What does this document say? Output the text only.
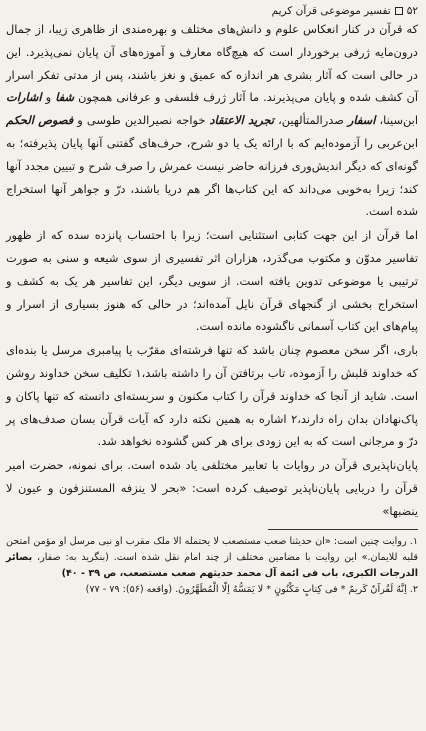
۵۲
تفسیر موضوعی قرآن کریم

که قرآن در کنار انعکاس علوم و دانش‌های مختلف و بهره‌مندی از ظاهری زیبا، از جمال درون‌مایه ژرفی برخوردار است که هیچ‌گاه معارف و آموزه‌های آن پایان نمی‌پذیرد. این در حالی است که آثار بشری هر اندازه که عمیق و نغز باشند، پس از مدتی تفکر اسرار آن کشف شده و پایان می‌پذیرند. ما آثار ژرف فلسفی و عرفانی همچون شفا و اشارات ابن‌سینا، اسفار صدرالمتألهین، تجرید الاعتقاد خواجه نصیرالدین طوسی و فصوص الحکم ابن‌عربی را آزموده‌ایم که با ارائه یک یا دو شرح، حرف‌های گفتنی آنها پایان پذیرفته؛ به گونه‌ای که دیگر اندیش‌وری فرزانه حاضر نیست عمرش را صرف شرح و تبیین مجدد آنها کند؛ زیرا به‌خوبی می‌داند که این کتاب‌ها اگر هم دریا باشند، درّ و جواهر آنها استخراج شده است.

اما قرآن از این جهت کتابی استثنایی است؛ زیرا با احتساب پانزده سده که از ظهور تفاسیر مدوّن و مکتوب می‌گذرد، هزاران اثر تفسیری از سوی شیعه و سنی به صورت ترتیبی یا موضوعی تدوین یافته است. از سویی دیگر، این تفاسیر هر یک به کشف و استخراج بخشی از گنجهای قرآن نایل آمده‌اند؛ در حالی که هنوز بسیاری از اسرار و پیام‌های این کتاب آسمانی ناگشوده مانده است.

باری، اگر سخن معصوم چنان باشد که تنها فرشته‌ای مقرّب یا پیامبری مرسل یا بنده‌ای که خداوند قلبش را آزموده، تاب برتافتن آن را داشته باشد،۱ تکلیف سخن خداوند روشن است. شاید از آنجا که خداوند قرآن را کتاب مکنون و سربسته‌ای دانسته که تنها پاکان و پاک‌نهادان بدان راه دارند،۲ اشاره به همین نکته دارد که آیات قرآن بسان صدف‌های پر درّ و مرجانی است که به این زودی برای هر کس گشوده نخواهد شد.

پایان‌ناپذیری قرآن در روایات با تعابیر مختلفی یاد شده است. برای نمونه، حضرت امیر قرآن را دریایی پایان‌ناپذیر توصیف کرده است: «بحر لا ینزفه المستنزفون و عیون لا ینضبها»

۱. روایت چنین است: «ان حدیثنا صعب مستصعب لا یحتمله الا ملک مقرب او نبی مرسل او مؤمن امتحن قلبه للایمان.» این روایت با مضامین مختلف از چند امام نقل شده است. (بنگرید به: صفار، بصائر الدرجات الکبری، باب فی ائمة آل محمد حدیثهم صعب مستصعب، ص ۳۹ - ۴۰)

۲. اِنَّهُ لَقُرآنٌ کَریمٌ * فی کِتابٍ مَکْنُونٍ * لا یَمَسُّهُ اِلّا الْمُطَهَّرُونَ. (واقعه (۵۶): ۷۹ - ۷۷)
